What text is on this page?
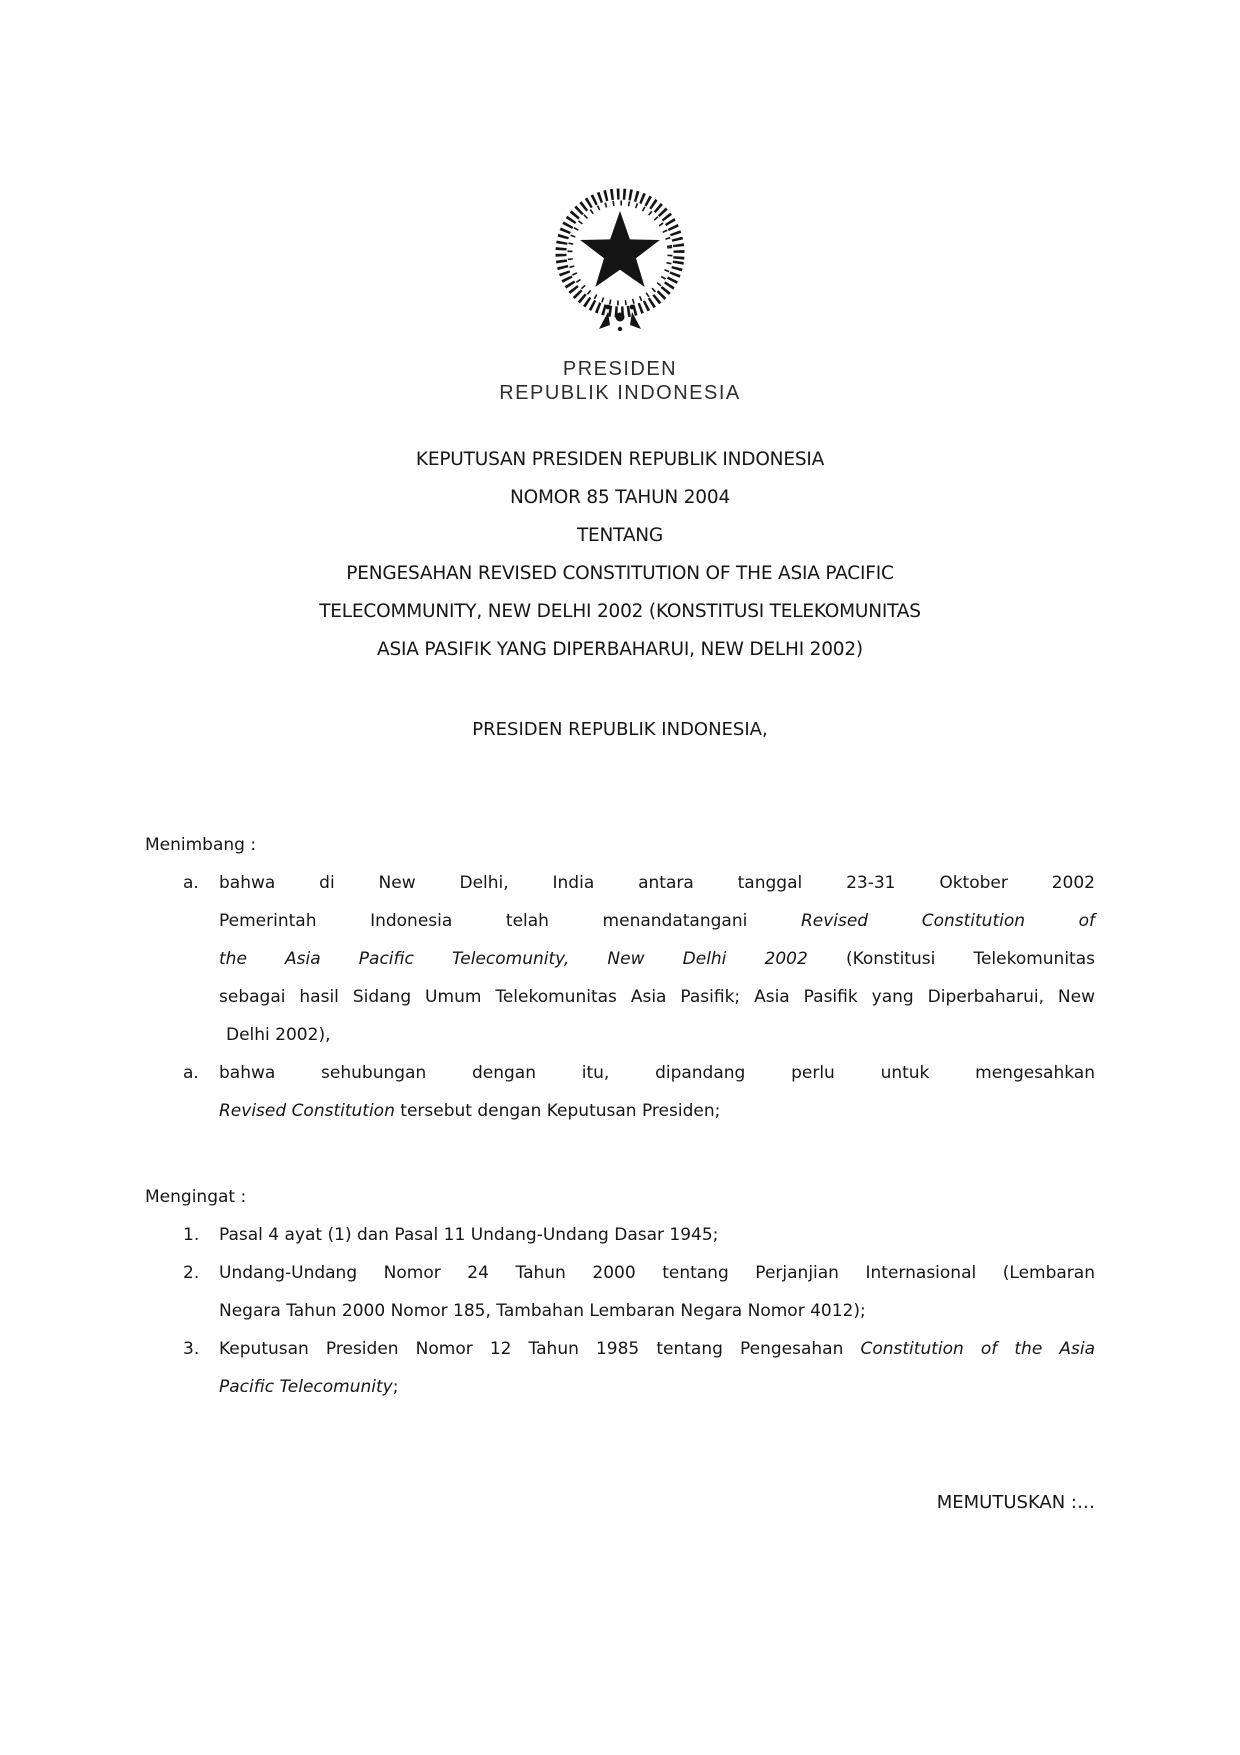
PRESIDEN
REPUBLIK INDONESIA
KEPUTUSAN PRESIDEN REPUBLIK INDONESIA
NOMOR 85 TAHUN 2004
TENTANG
PENGESAHAN REVISED CONSTITUTION OF THE ASIA PACIFIC
TELECOMMUNITY, NEW DELHI 2002 (KONSTITUSI TELEKOMUNITAS
ASIA PASIFIK YANG DIPERBAHARUI, NEW DELHI 2002)
PRESIDEN REPUBLIK INDONESIA,
Menimbang :
a.	bahwa di New Delhi, India antara tanggal 23-31 Oktober 2002
Pemerintah Indonesia telah menandatangani Revised Constitution of
the Asia Pacific Telecomunity, New Delhi 2002 (Konstitusi Telekomunitas
sebagai hasil Sidang Umum Telekomunitas Asia Pasifik; Asia Pasifik yang Diperbaharui, New
Delhi 2002),
a.	bahwa sehubungan dengan itu, dipandang perlu untuk mengesahkan
Revised Constitution tersebut dengan Keputusan Presiden;
Mengingat :
1.	Pasal 4 ayat (1) dan Pasal 11 Undang-Undang Dasar 1945;
2.	Undang-Undang Nomor 24 Tahun 2000 tentang Perjanjian Internasional (Lembaran
Negara Tahun 2000 Nomor 185, Tambahan Lembaran Negara Nomor 4012);
3.	Keputusan Presiden Nomor 12 Tahun 1985 tentang Pengesahan Constitution of the Asia
Pacific Telecomunity;
MEMUTUSKAN :…
